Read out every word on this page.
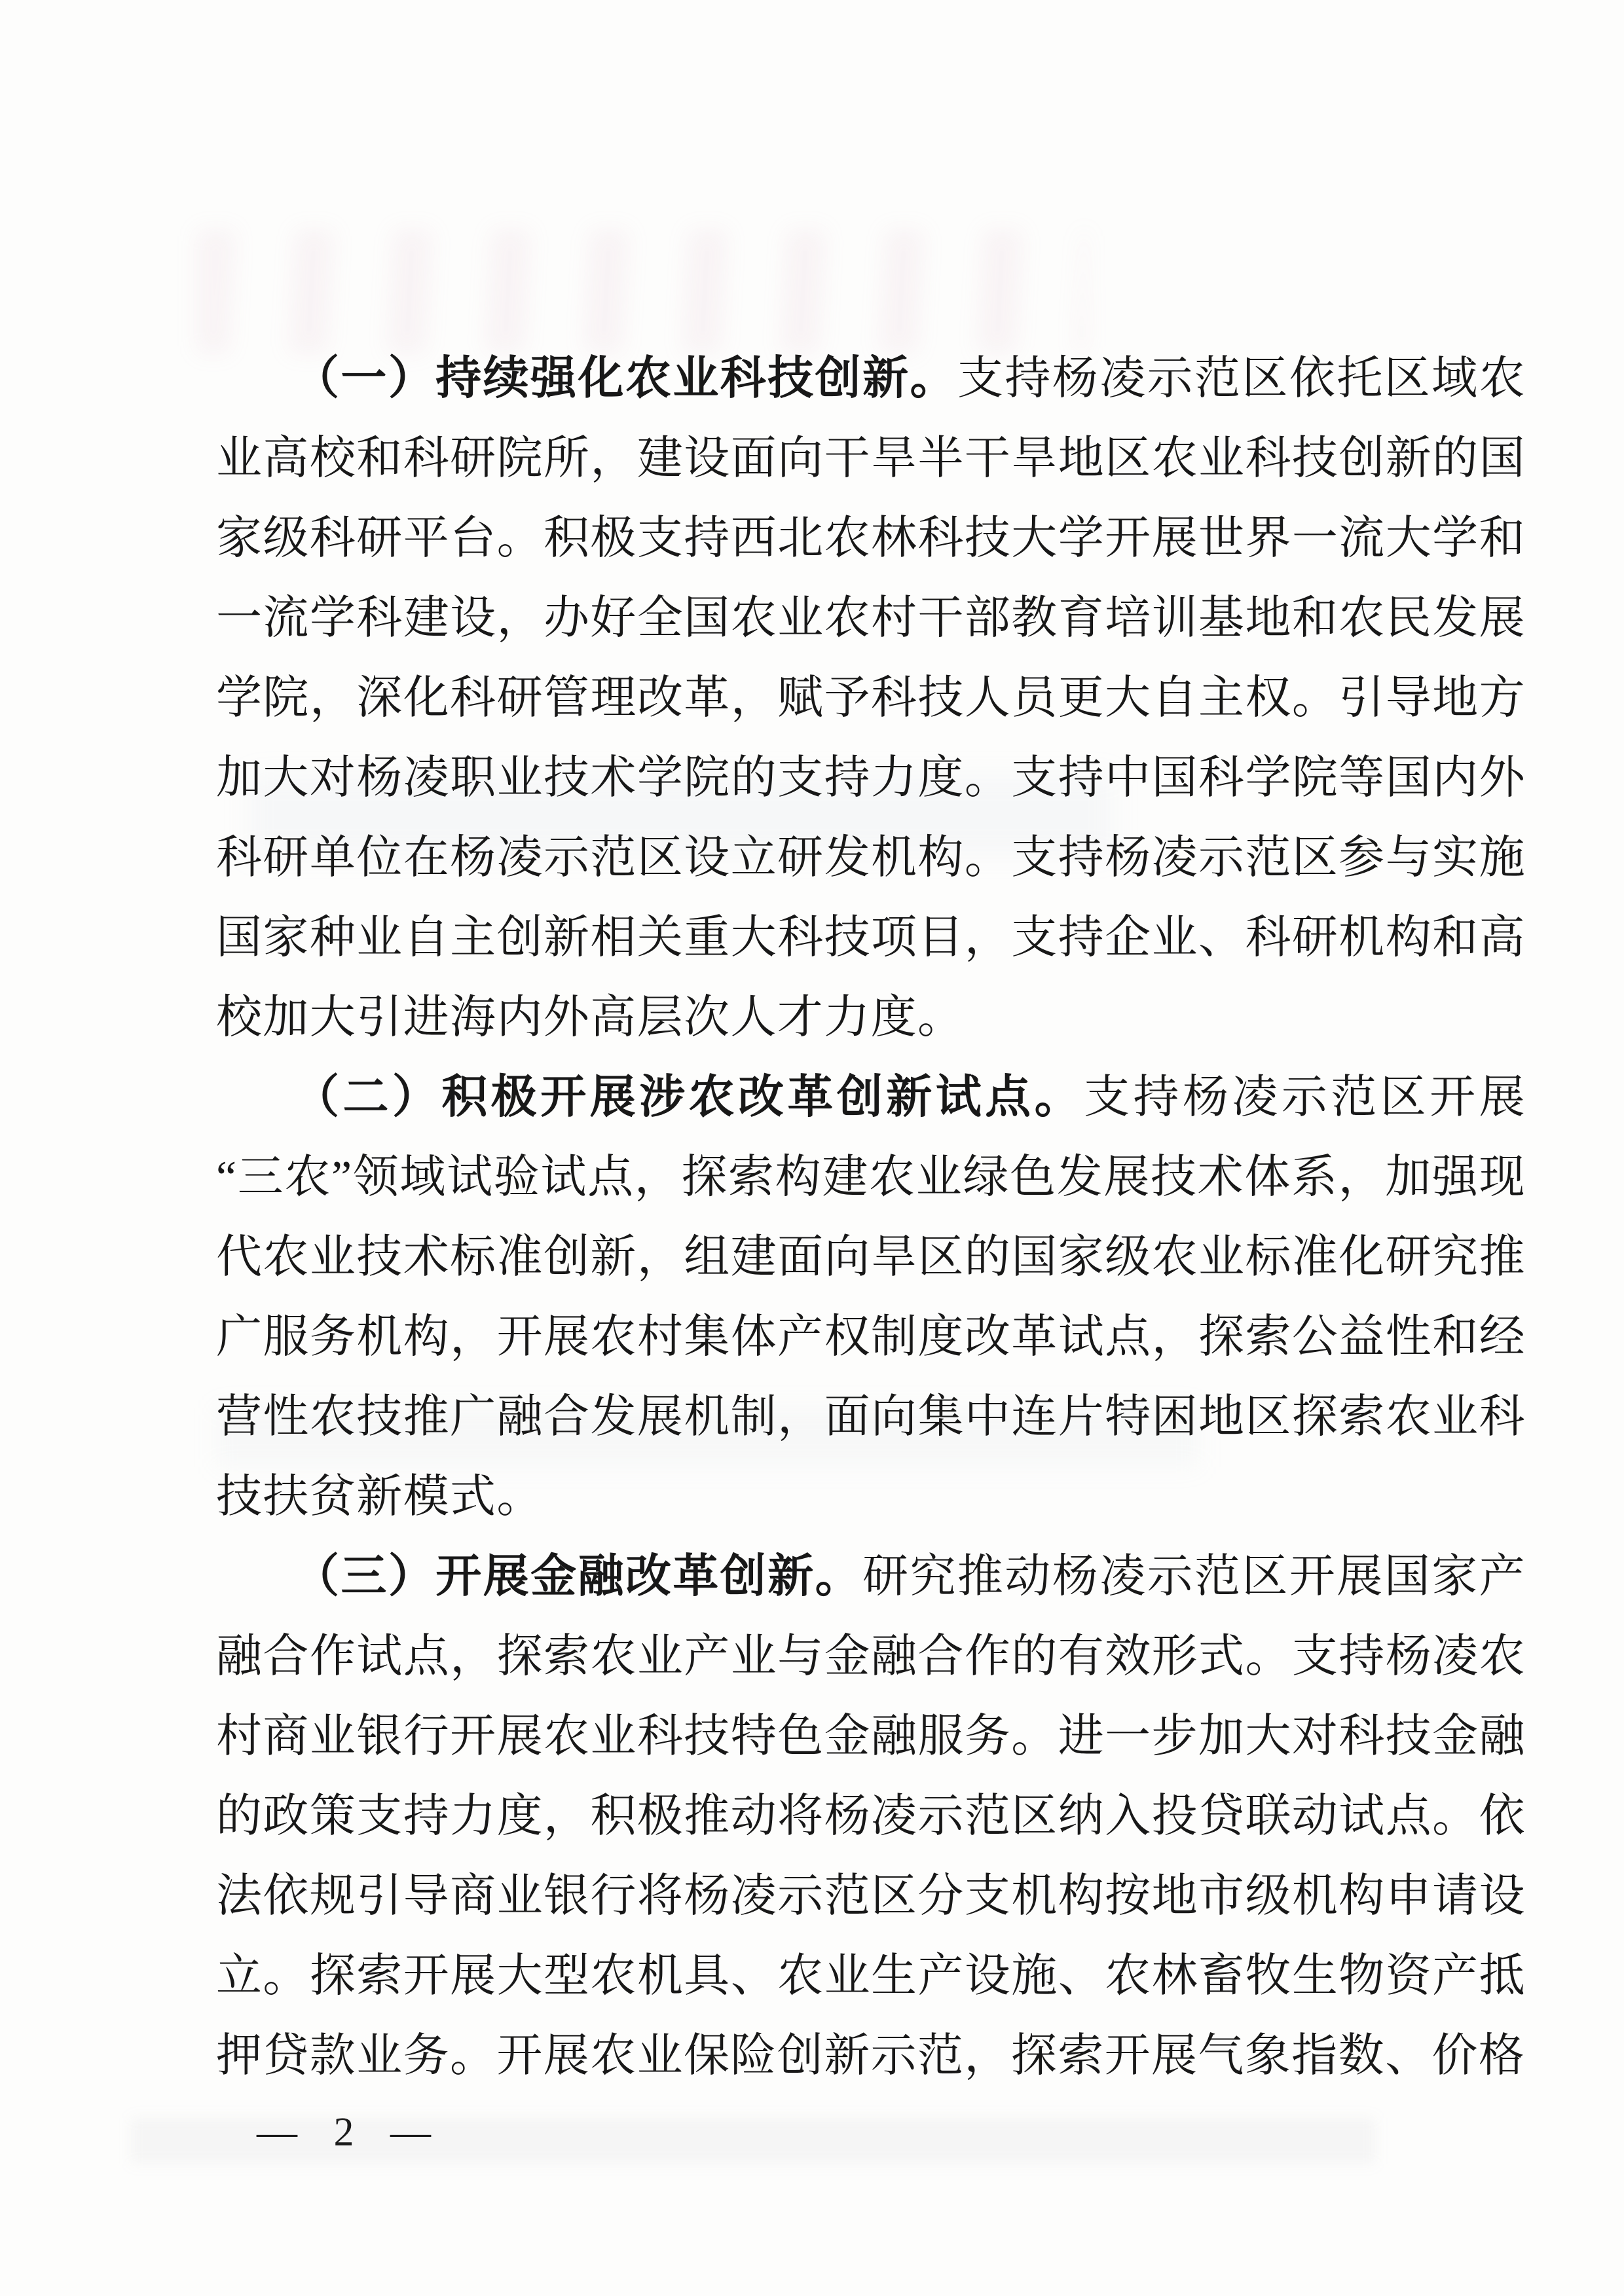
（一）持续强化农业科技创新。支持杨凌示范区依托区域农业高校和科研院所，建设面向干旱半干旱地区农业科技创新的国家级科研平台。积极支持西北农林科技大学开展世界一流大学和一流学科建设，办好全国农业农村干部教育培训基地和农民发展学院，深化科研管理改革，赋予科技人员更大自主权。引导地方加大对杨凌职业技术学院的支持力度。支持中国科学院等国内外科研单位在杨凌示范区设立研发机构。支持杨凌示范区参与实施国家种业自主创新相关重大科技项目，支持企业、科研机构和高校加大引进海内外高层次人才力度。

（二）积极开展涉农改革创新试点。支持杨凌示范区开展“三农”领域试验试点，探索构建农业绿色发展技术体系，加强现代农业技术标准创新，组建面向旱区的国家级农业标准化研究推广服务机构，开展农村集体产权制度改革试点，探索公益性和经营性农技推广融合发展机制，面向集中连片特困地区探索农业科技扶贫新模式。

（三）开展金融改革创新。研究推动杨凌示范区开展国家产融合作试点，探索农业产业与金融合作的有效形式。支持杨凌农村商业银行开展农业科技特色金融服务。进一步加大对科技金融的政策支持力度，积极推动将杨凌示范区纳入投贷联动试点。依法依规引导商业银行将杨凌示范区分支机构按地市级机构申请设立。探索开展大型农机具、农业生产设施、农林畜牧生物资产抵押贷款业务。开展农业保险创新示范，探索开展气象指数、价格

— 2 —
